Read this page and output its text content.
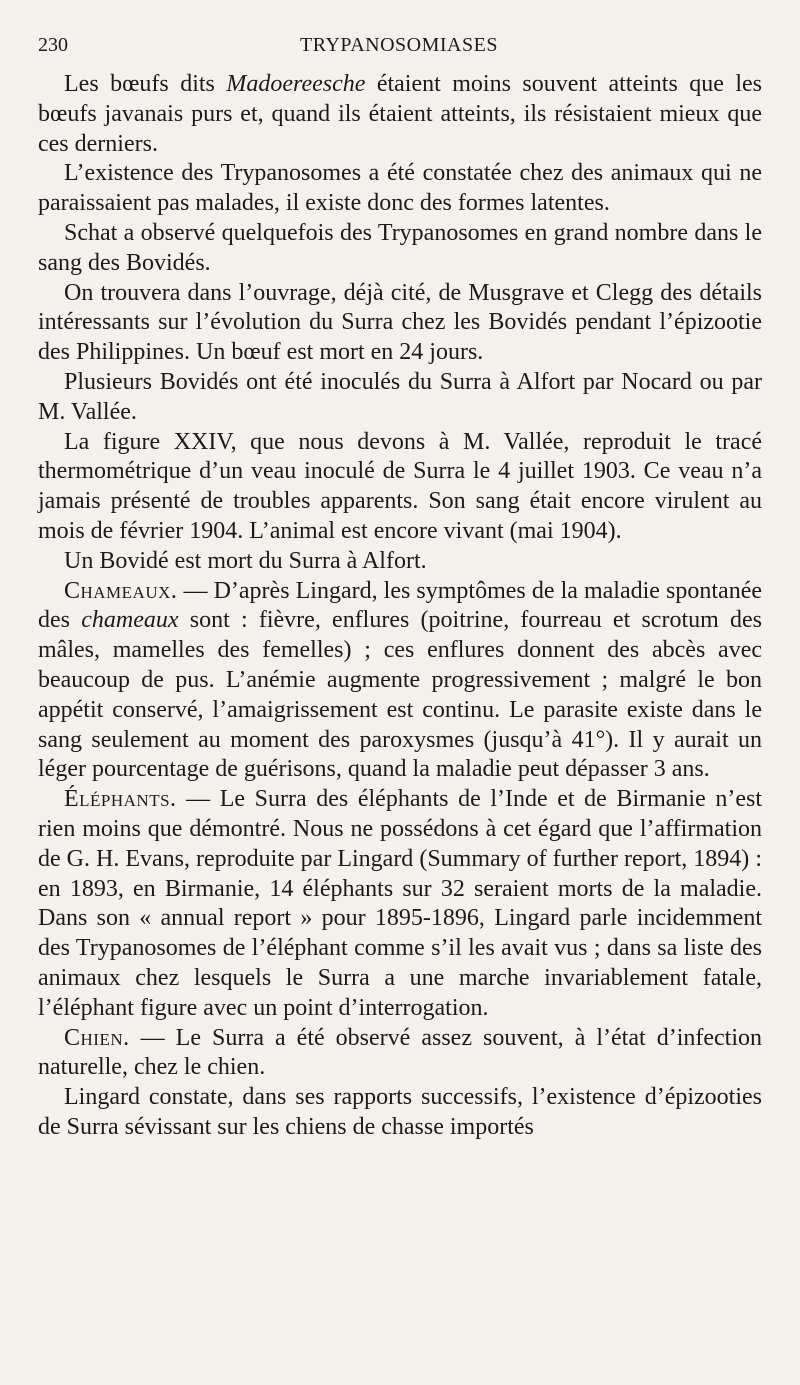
230	TRYPANOSOMIASES

Les bœufs dits Madoereesche étaient moins souvent atteints que les bœufs javanais purs et, quand ils étaient atteints, ils résistaient mieux que ces derniers.

L’existence des Trypanosomes a été constatée chez des animaux qui ne paraissaient pas malades, il existe donc des formes latentes.

Schat a observé quelquefois des Trypanosomes en grand nombre dans le sang des Bovidés.

On trouvera dans l’ouvrage, déjà cité, de Musgrave et Clegg des détails intéressants sur l’évolution du Surra chez les Bovidés pendant l’épizootie des Philippines. Un bœuf est mort en 24 jours.

Plusieurs Bovidés ont été inoculés du Surra à Alfort par Nocard ou par M. Vallée.

La figure XXIV, que nous devons à M. Vallée, reproduit le tracé thermométrique d’un veau inoculé de Surra le 4 juillet 1903. Ce veau n’a jamais présenté de troubles apparents. Son sang était encore virulent au mois de février 1904. L’animal est encore vivant (mai 1904).

Un Bovidé est mort du Surra à Alfort.

Chameaux. — D’après Lingard, les symptômes de la maladie spontanée des chameaux sont : fièvre, enflures (poitrine, fourreau et scrotum des mâles, mamelles des femelles) ; ces enflures donnent des abcès avec beaucoup de pus. L’anémie augmente progressivement ; malgré le bon appétit conservé, l’amaigrissement est continu. Le parasite existe dans le sang seulement au moment des paroxysmes (jusqu’à 41°). Il y aurait un léger pourcentage de guérisons, quand la maladie peut dépasser 3 ans.

Éléphants. — Le Surra des éléphants de l’Inde et de Birmanie n’est rien moins que démontré. Nous ne possédons à cet égard que l’affirmation de G. H. Evans, reproduite par Lingard (Summary of further report, 1894) : en 1893, en Birmanie, 14 éléphants sur 32 seraient morts de la maladie. Dans son « annual report » pour 1895-1896, Lingard parle incidemment des Trypanosomes de l’éléphant comme s’il les avait vus ; dans sa liste des animaux chez lesquels le Surra a une marche invariablement fatale, l’éléphant figure avec un point d’interrogation.

Chien. — Le Surra a été observé assez souvent, à l’état d’infection naturelle, chez le chien.

Lingard constate, dans ses rapports successifs, l’existence d’épizooties de Surra sévissant sur les chiens de chasse importés
